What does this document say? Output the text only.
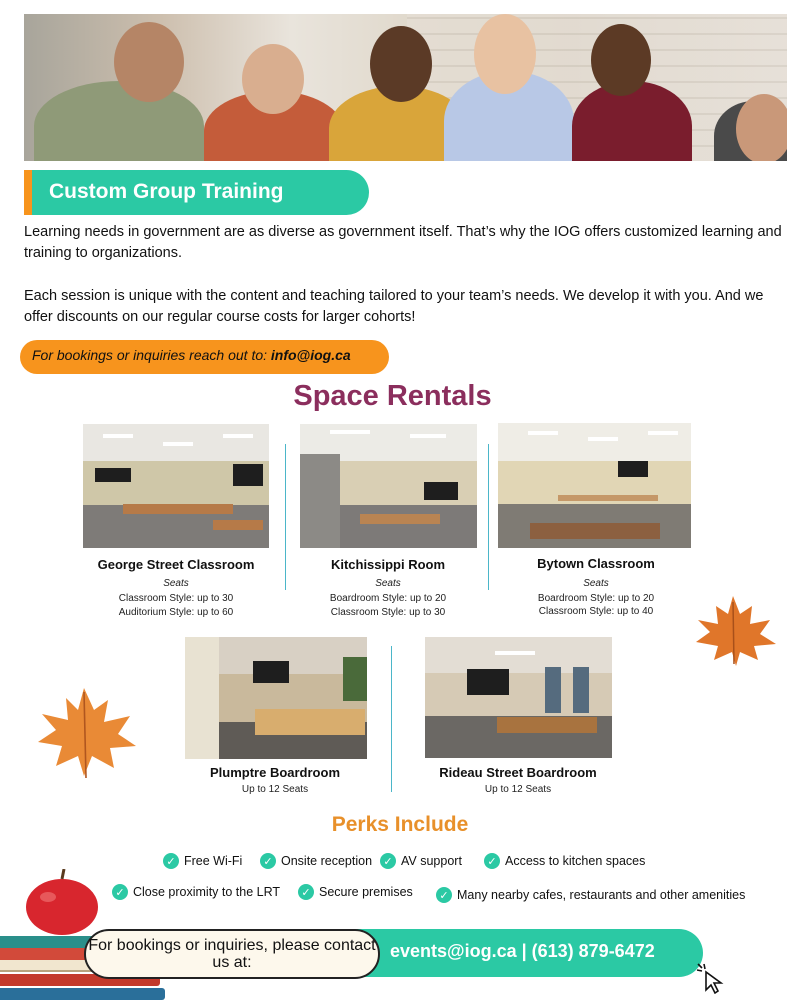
Custom Group Training

Learning needs in government are as diverse as government itself. That’s why the IOG offers customized learning and training to organizations.

Each session is unique with the content and teaching tailored to your team’s needs. We develop it with you. And we offer discounts on our regular course costs for larger cohorts!

For bookings or inquiries reach out to: info@iog.ca
Space Rentals
George Street Classroom
Seats
Classroom Style: up to 30
Auditorium Style: up to 60
Kitchissippi Room
Seats
Boardroom Style: up to 20
Classroom Style: up to 30
Bytown Classroom
Seats
Boardroom Style: up to 20
Classroom Style: up to 40
Plumptre Boardroom
Up to 12 Seats
Rideau Street Boardroom
Up to 12 Seats
Perks Include
✓ Free Wi-Fi	✓ Onsite reception	✓ AV support	✓ Access to kitchen spaces
✓ Close proximity to the LRT	✓ Secure premises	✓ Many nearby cafes, restaurants and other amenities
events@iog.ca | (613) 879-6472
For bookings or inquiries, please contact us at:
